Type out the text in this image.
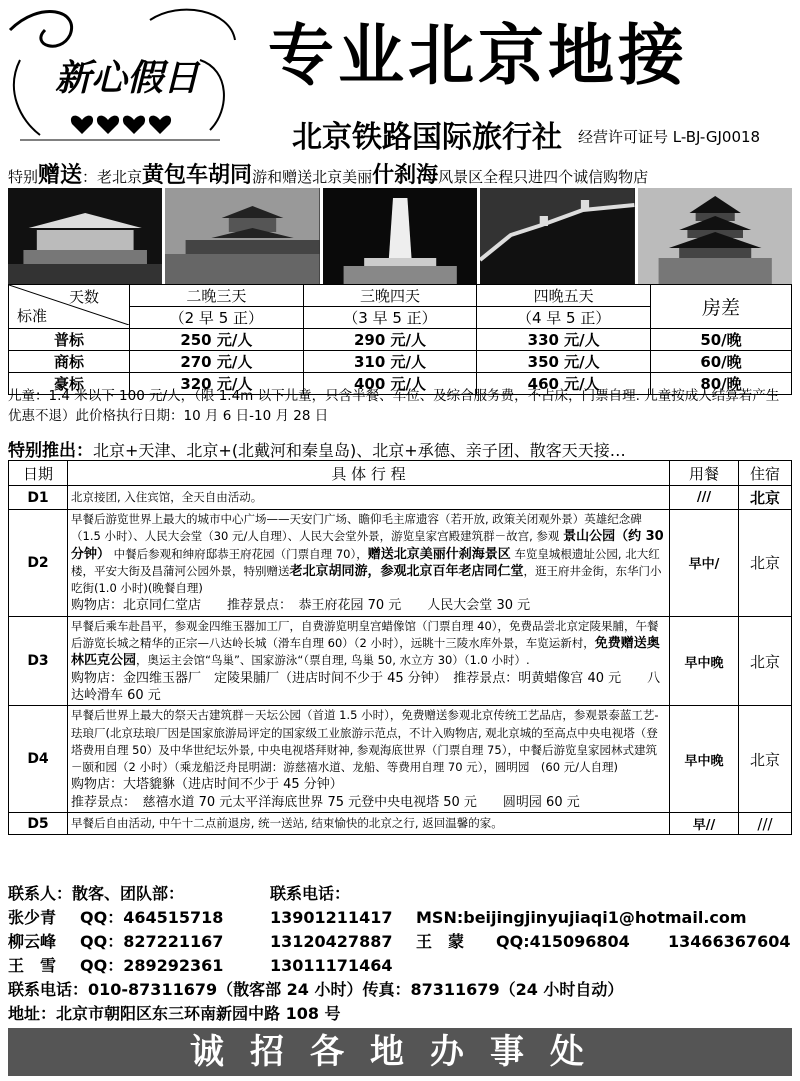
新心假日 专业北京地接
北京铁路国际旅行社 经营许可证号 L-BJ-GJ0018
特别赠送：老北京黄包车胡同游和赠送北京美丽什刹海风景区全程只进四个诚信购物店
天数
标准	二晚三天	三晚四天	四晚五天	房差
	（2 早 5 正）	（3 早 5 正）	（4 早 5 正）	
普标	250 元/人	290 元/人	330 元/人	50/晚
商标	270 元/人	310 元/人	350 元/人	60/晚
豪标	320 元/人	400 元/人	460 元/人	80/晚
儿童：1.4 米以下 100 元/人，（限 1.4m 以下儿童，只含半餐、车位、及综合服务费，不占床，门票自理. 儿童按成人结算若产生优惠不退）此价格执行日期：10 月 6 日-10 月 28 日
特别推出：北京+天津、北京+(北戴河和秦皇岛)、北京+承德、亲子团、散客天天接…
日期	具 体 行 程	用餐	住宿
D1	北京接团, 入住宾馆，全天自由活动。	///	北京
D2	早餐后游览世界上最大的城市中心广场——天安门广场、瞻仰毛主席遗容（若开放, 政策关闭观外景）英雄纪念碑（1.5 小时）、人民大会堂（30 元/人自理）、人民大会堂外景，游览皇家宫殿建筑群－故宫, 参观 景山公园（约 30 分钟） 中餐后参观和绅府邸恭王府花园（门票自理 70），赠送北京美丽什刹海景区 车览皇城根遗址公园, 北大红楼，平安大街及昌蒲河公园外景，特别赠送老北京胡同游，参观北京百年老店同仁堂，逛王府井金街，东华门小吃街(1.0 小时)(晚餐自理)
购物店：北京同仁堂店　　推荐景点：　恭王府花园 70 元　　人民大会堂 30 元	早中/	北京
D3	早餐后乘车赴昌平，参观金四维玉器加工厂，自费游览明皇宫蜡像馆（门票自理 40），免费品尝北京定陵果脯，午餐后游览长城之精华的正宗—八达岭长城（滑车自理 60）（2 小时），远眺十三陵水库外景，车览运新村，免费赠送奥林匹克公园，奥运主会馆“鸟巢”、国家游泳“（票自理, 鸟巢 50, 水立方 30）（1.0 小时）.
购物店：金四维玉器厂　定陵果脯厂（进店时间不少于 45 分钟）　推荐景点：明黄蜡像宫 40 元　　八达岭滑车 60 元	早中晚	北京
D4	早餐后世界上最大的祭天古建筑群－天坛公园（首道 1.5 小时），免费赠送参观北京传统工艺品店，参观景泰蓝工艺-珐琅厂(北京珐琅厂因是国家旅游局评定的国家级工业旅游示范点，不计入购物店, 观北京城的至高点中央电视塔（登塔费用自理 50）及中华世纪坛外景, 中央电视塔拜财神, 参观海底世界（门票自理 75），中餐后游览皇家园林式建筑－颐和园（2 小时）（乘龙船泛舟昆明湖：游慈禧水道、龙船、等费用自理 70 元），圆明园　(60 元/人自理)
购物店：大塔貔貅（进店时间不少于 45 分钟）
推荐景点：　慈禧水道 70 元太平洋海底世界 75 元登中央电视塔 50 元　　圆明园 60 元	早中晚	北京
D5	早餐后自由活动, 中午十二点前退房, 统一送站, 结束愉快的北京之行, 返回温馨的家。	早//	///
联系人：散客、团队部：	联系电话：
张少青 QQ：464515718	13901211417 MSN:beijingjinyujiaqi1@hotmail.com
柳云峰 QQ：827221167	13120427887 王　蒙 QQ:415096804 13466367604
王　雪 QQ：289292361	13011171464
联系电话：010-87311679（散客部 24 小时）传真：87311679（24 小时自动）
地址：北京市朝阳区东三环南新园中路 108 号
诚招各地办事处
